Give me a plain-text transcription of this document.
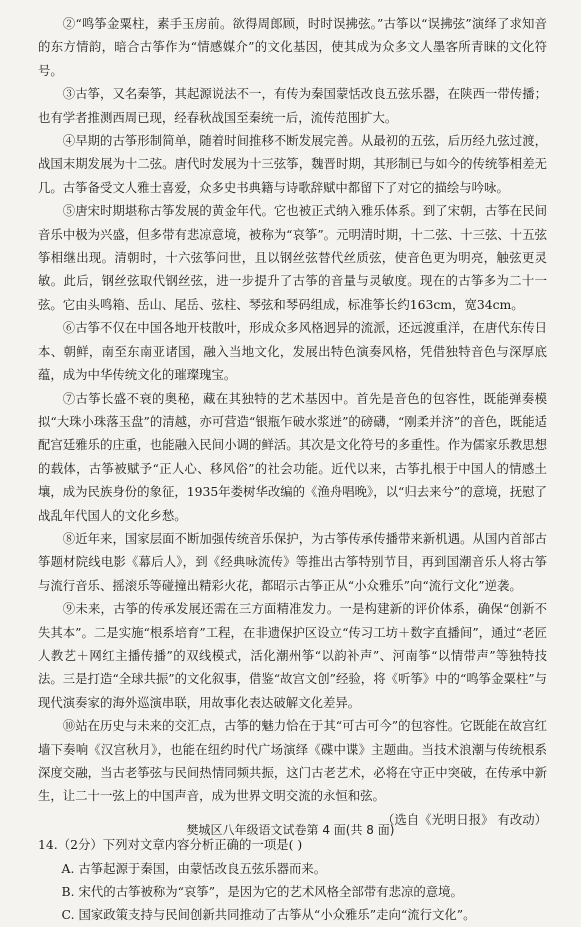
②“鸣筝金粟柱，素手玉房前。欲得周郎顾，时时误拂弦。”古筝以“误拂弦”演绎了求知音的东方情韵，暗合古筝作为“情感媒介”的文化基因，使其成为众多文人墨客所青睐的文化符号。

③古筝，又名秦筝，其起源说法不一，有传为秦国蒙恬改良五弦乐器，在陕西一带传播；也有学者推测西周已现，经春秋战国至秦统一后，流传范围扩大。

④早期的古筝形制简单，随着时间推移不断发展完善。从最初的五弦，后历经九弦过渡，战国末期发展为十二弦。唐代时发展为十三弦筝，魏晋时期，其形制已与如今的传统筝相差无几。古筝备受文人雅士喜爱，众多史书典籍与诗歌辞赋中都留下了对它的描绘与吟咏。

⑤唐宋时期堪称古筝发展的黄金年代。它也被正式纳入雅乐体系。到了宋朝，古筝在民间音乐中极为兴盛，但多带有悲凉意境，被称为“哀筝”。元明清时期，十二弦、十三弦、十五弦筝相继出现。清朝时，十六弦筝问世，且以钢丝弦替代丝质弦，使音色更为明亮，触弦更灵敏。此后，钢丝弦取代钢丝弦，进一步提升了古筝的音量与灵敏度。现在的古筝多为二十一弦。它由头鸣箱、岳山、尾岳、弦柱、琴弦和琴码组成，标准筝长约163cm，宽34cm。

⑥古筝不仅在中国各地开枝散叶，形成众多风格迥异的流派，还远渡重洋，在唐代东传日本、朝鲜，南至东南亚诸国，融入当地文化，发展出特色演奏风格，凭借独特音色与深厚底蕴，成为中华传统文化的璀璨瑰宝。

⑦古筝长盛不衰的奥秘，藏在其独特的艺术基因中。首先是音色的包容性，既能弹奏模拟“大珠小珠落玉盘”的清越，亦可营造“银瓶乍破水浆迸”的磅礴，“刚柔并济”的音色，既能适配宫廷雅乐的庄重，也能融入民间小调的鲜活。其次是文化符号的多重性。作为儒家乐教思想的载体，古筝被赋予“正人心、移风俗”的社会功能。近代以来，古筝扎根于中国人的情感土壤，成为民族身份的象征，1935年娄树华改编的《渔舟唱晚》，以“归去来兮”的意境，抚慰了战乱年代国人的文化乡愁。

⑧近年来，国家层面不断加强传统音乐保护，为古筝传承传播带来新机遇。从国内首部古筝题材院线电影《幕后人》，到《经典咏流传》等推出古筝特别节目，再到国潮音乐人将古筝与流行音乐、摇滚乐等碰撞出精彩火花，都昭示古筝正从“小众雅乐”向“流行文化”逆袭。

⑨未来，古筝的传承发展还需在三方面精准发力。一是构建新的评价体系，确保“创新不失其本”。二是实施“根系培育”工程，在非遗保护区设立“传习工坊＋数字直播间”，通过“老匠人教艺＋网红主播传播”的双线模式，活化潮州筝“以韵补声”、河南筝“以情带声”等独特技法。三是打造“全球共振”的文化叙事，借鉴“故宫文创”经验，将《听筝》中的“鸣筝金粟柱”与现代演奏家的海外巡演串联，用故事化表达破解文化差异。

⑩站在历史与未来的交汇点，古筝的魅力恰在于其“可古可今”的包容性。它既能在故宫红墙下奏响《汉宫秋月》，也能在纽约时代广场演绎《碟中谍》主题曲。当技术浪潮与传统根系深度交融，当古老筝弦与民间热情同频共振，这门古老艺术，必将在守正中突破，在传承中新生，让二十一弦上的中国声音，成为世界文明交流的永恒和弦。

（选自《光明日报》 有改动）

14.（2分）下列对文章内容分析正确的一项是( )

A. 古筝起源于秦国，由蒙恬改良五弦乐器而来。

B. 宋代的古筝被称为“哀筝”，是因为它的艺术风格全部带有悲凉的意境。

C. 国家政策支持与民间创新共同推动了古筝从“小众雅乐”走向“流行文化”。

樊城区八年级语文试卷第 4 面(共 8 面)
